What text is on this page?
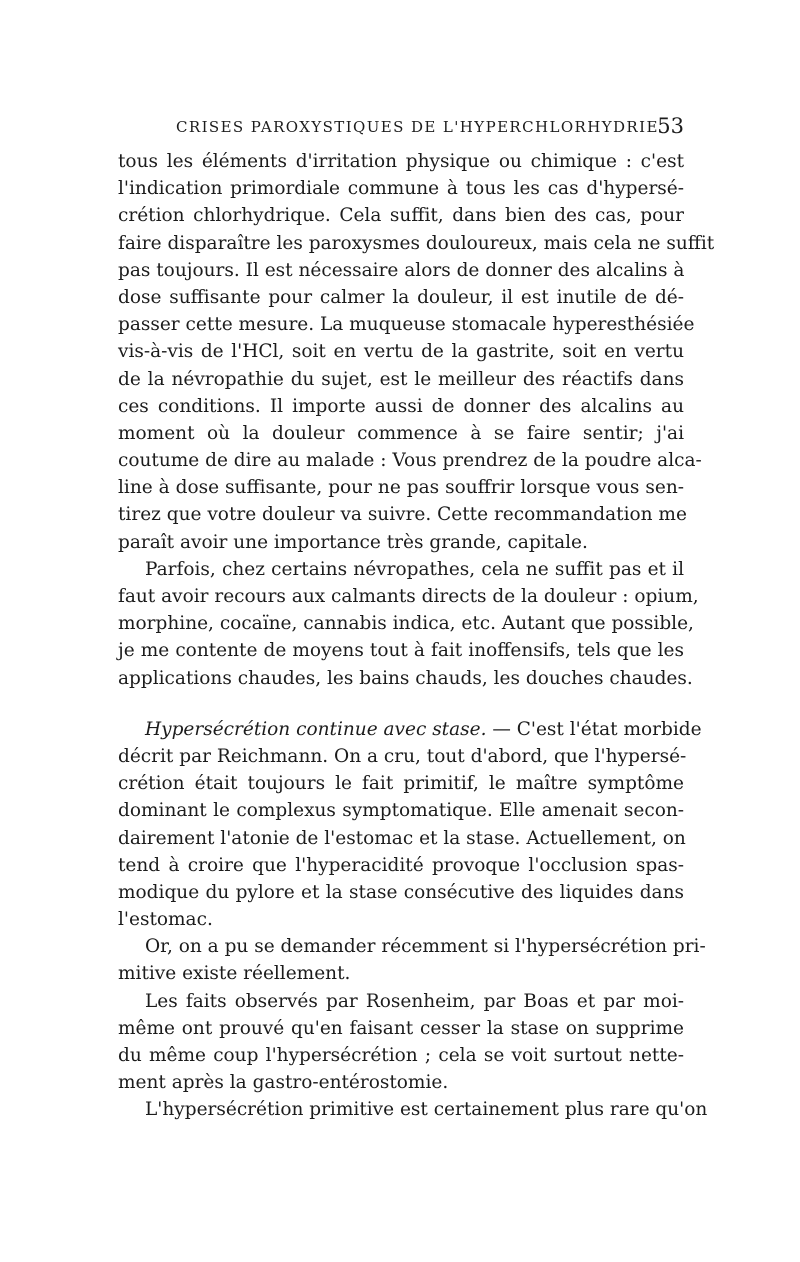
CRISES PAROXYSTIQUES DE L'HYPERCHLORHYDRIE
53
tous les éléments d'irritation physique ou chimique : c'est
l'indication primordiale commune à tous les cas d'hypersé-
crétion chlorhydrique. Cela suffit, dans bien des cas, pour
faire disparaître les paroxysmes douloureux, mais cela ne suffit
pas toujours. Il est nécessaire alors de donner des alcalins à
dose suffisante pour calmer la douleur, il est inutile de dé-
passer cette mesure. La muqueuse stomacale hyperesthésiée
vis-à-vis de l'HCl, soit en vertu de la gastrite, soit en vertu
de la névropathie du sujet, est le meilleur des réactifs dans
ces conditions. Il importe aussi de donner des alcalins au
moment où la douleur commence à se faire sentir; j'ai
coutume de dire au malade : Vous prendrez de la poudre alca-
line à dose suffisante, pour ne pas souffrir lorsque vous sen-
tirez que votre douleur va suivre. Cette recommandation me
paraît avoir une importance très grande, capitale.
Parfois, chez certains névropathes, cela ne suffit pas et il
faut avoir recours aux calmants directs de la douleur : opium,
morphine, cocaïne, cannabis indica, etc. Autant que possible,
je me contente de moyens tout à fait inoffensifs, tels que les
applications chaudes, les bains chauds, les douches chaudes.
Hypersécrétion continue avec stase. — C'est l'état morbide
décrit par Reichmann. On a cru, tout d'abord, que l'hypersé-
crétion était toujours le fait primitif, le maître symptôme
dominant le complexus symptomatique. Elle amenait secon-
dairement l'atonie de l'estomac et la stase. Actuellement, on
tend à croire que l'hyperacidité provoque l'occlusion spas-
modique du pylore et la stase consécutive des liquides dans
l'estomac.
Or, on a pu se demander récemment si l'hypersécrétion pri-
mitive existe réellement.
Les faits observés par Rosenheim, par Boas et par moi-
même ont prouvé qu'en faisant cesser la stase on supprime
du même coup l'hypersécrétion ; cela se voit surtout nette-
ment après la gastro-entérostomie.
L'hypersécrétion primitive est certainement plus rare qu'on
